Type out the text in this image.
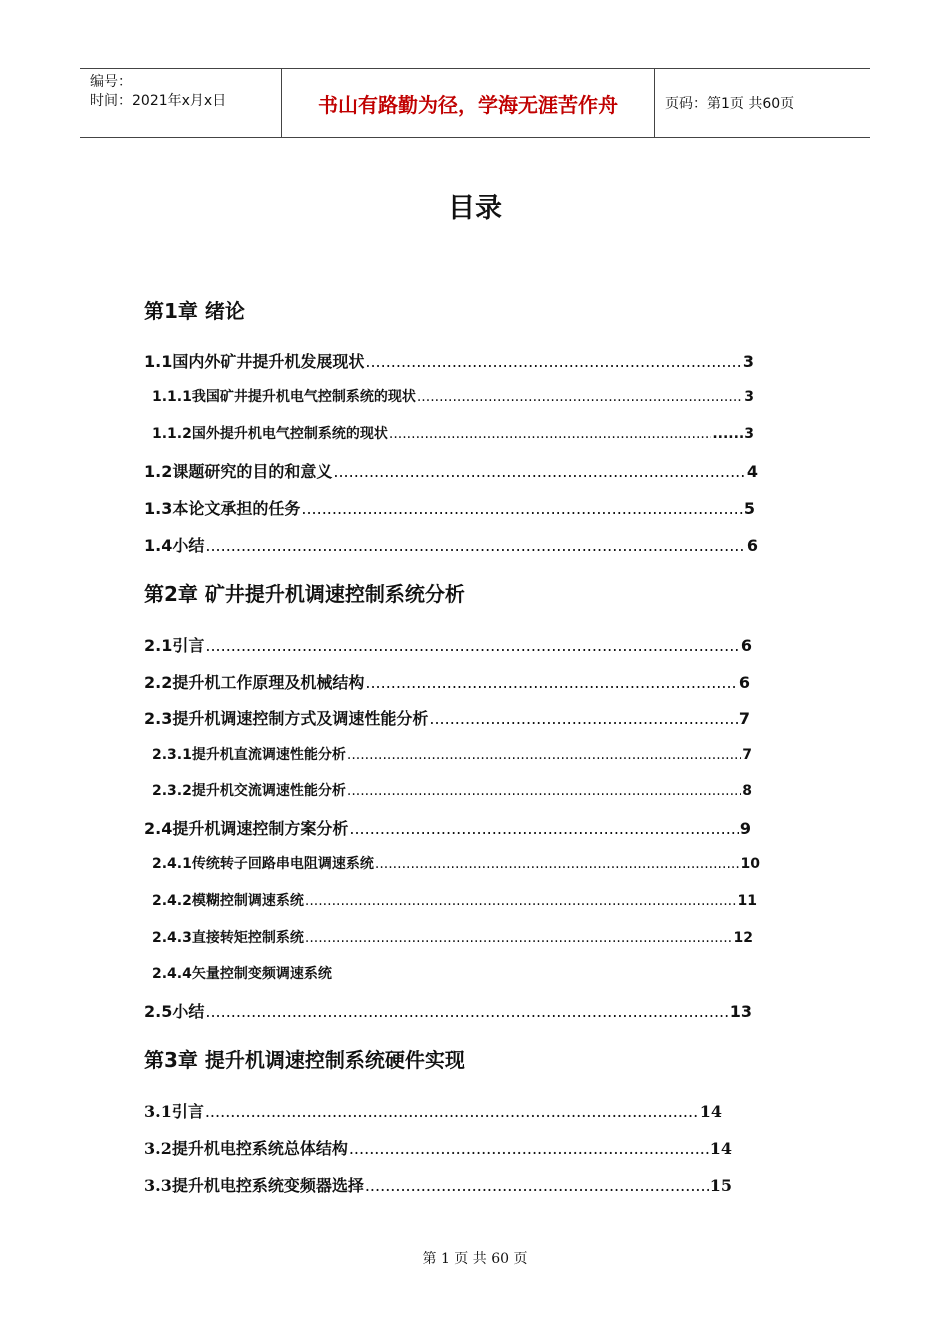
编号：
时间：2021年x月x日	书山有路勤为径，学海无涯苦作舟	页码：第1页 共60页
目录
第1章 绪论
1.1国内外矿井提升机发展现状 .....	3
1.1.1我国矿井提升机电气控制系统的现状 .....	3
1.1.2国外提升机电气控制系统的现状 .....	......3
1.2课题研究的目的和意义 .....	4
1.3本论文承担的任务 .....	5
1.4小结 .....	6
第2章 矿井提升机调速控制系统分析
2.1引言 .....	6
2.2提升机工作原理及机械结构 .....	6
2.3提升机调速控制方式及调速性能分析 .....	7
2.3.1提升机直流调速性能分析 .....	7
2.3.2提升机交流调速性能分析 .....	8
2.4提升机调速控制方案分析 .....	9
2.4.1传统转子回路串电阻调速系统 .....	10
2.4.2模糊控制调速系统 .....	11
2.4.3直接转矩控制系统 .....	12
2.4.4矢量控制变频调速系统
2.5小结 .....	13
第3章 提升机调速控制系统硬件实现
3.1引言 .....	14
3.2提升机电控系统总体结构 .....	14
3.3提升机电控系统变频器选择 .....	15
第 1 页 共 60 页
